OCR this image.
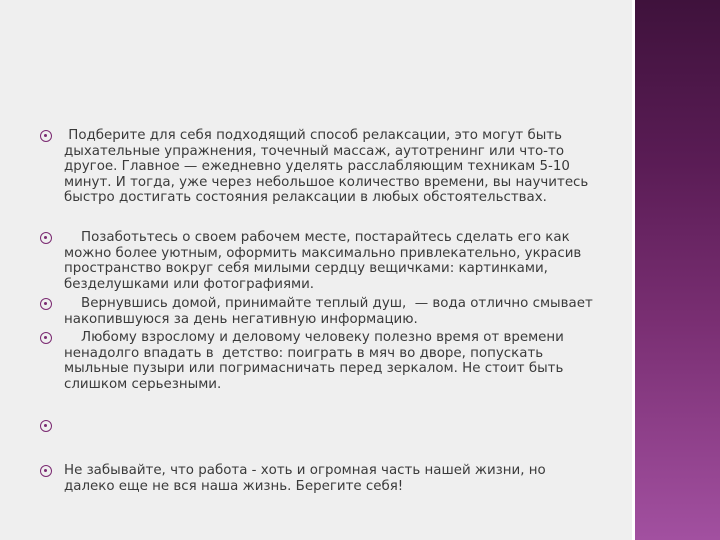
Подберите для себя подходящий способ релаксации, это могут быть дыхательные упражнения, точечный массаж, аутотренинг или что-то другое. Главное — ежедневно уделять расслабляющим техникам 5-10 минут. И тогда, уже через небольшое количество времени, вы научитесь быстро достигать состояния релаксации в любых обстоятельствах.
Позаботьтесь о своем рабочем месте, постарайтесь сделать его как можно более уютным, оформить максимально привлекательно, украсив пространство вокруг себя милыми сердцу вещичками: картинками, безделушками или фотографиями.
Вернувшись домой, принимайте теплый душ,  — вода отлично смывает накопившуюся за день негативную информацию.
Любому взрослому и деловому человеку полезно время от времени ненадолго впадать в  детство: поиграть в мяч во дворе, попускать мыльные пузыри или погримасничать перед зеркалом. Не стоит быть слишком серьезными.
Не забывайте, что работа - хоть и огромная часть нашей жизни, но далеко еще не вся наша жизнь. Берегите себя!
